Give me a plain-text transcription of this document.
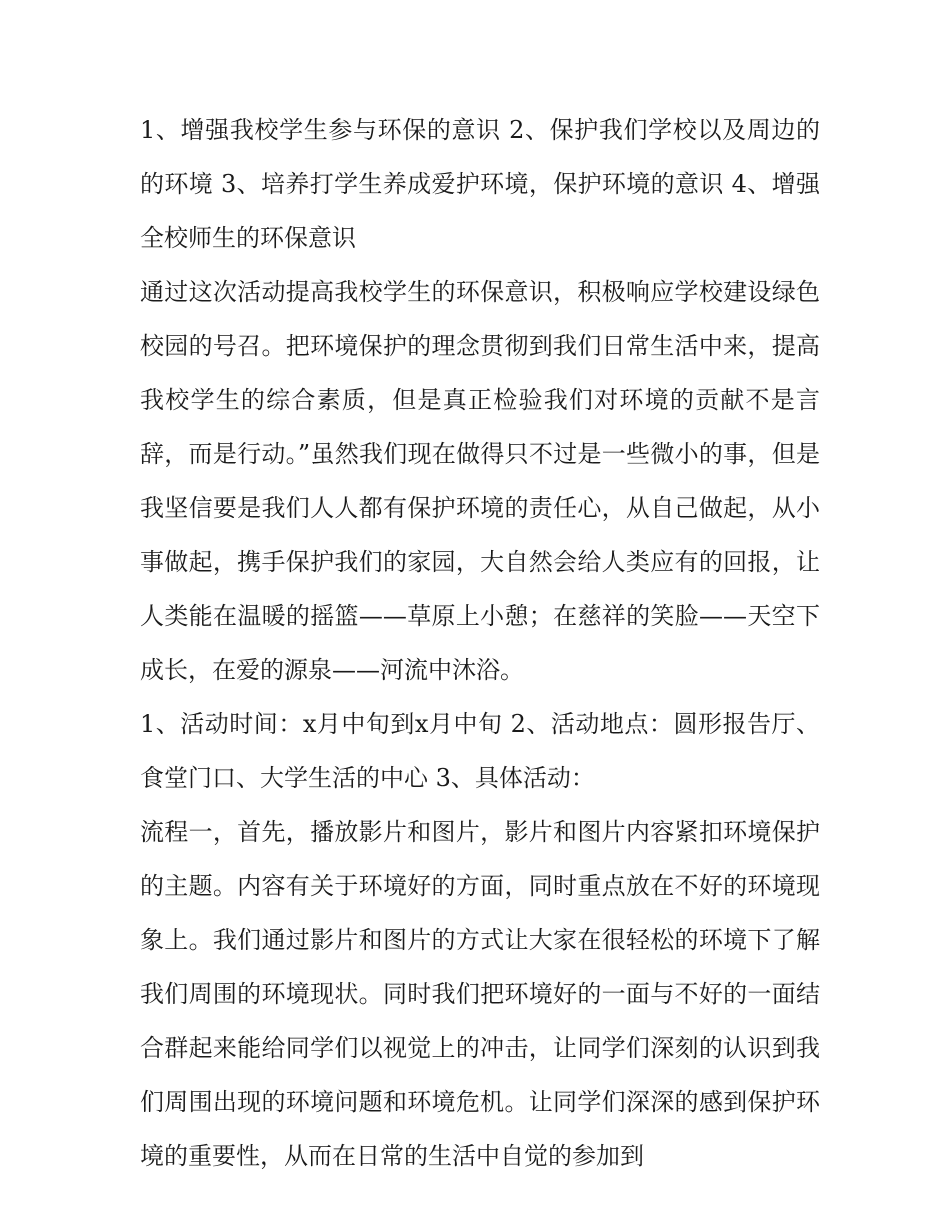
1、增强我校学生参与环保的意识 2、保护我们学校以及周边的的环境 3、培养打学生养成爱护环境，保护环境的意识 4、增强全校师生的环保意识

通过这次活动提高我校学生的环保意识，积极响应学校建设绿色校园的号召。把环境保护的理念贯彻到我们日常生活中来，提高我校学生的综合素质，但是真正检验我们对环境的贡献不是言辞，而是行动。”虽然我们现在做得只不过是一些微小的事，但是我坚信要是我们人人都有保护环境的责任心，从自己做起，从小事做起，携手保护我们的家园，大自然会给人类应有的回报，让人类能在温暖的摇篮——草原上小憩；在慈祥的笑脸——天空下成长，在爱的源泉——河流中沐浴。

1、活动时间：x月中旬到x月中旬 2、活动地点：圆形报告厅、食堂门口、大学生活的中心 3、具体活动：

流程一，首先，播放影片和图片，影片和图片内容紧扣环境保护的主题。内容有关于环境好的方面，同时重点放在不好的环境现象上。我们通过影片和图片的方式让大家在很轻松的环境下了解我们周围的环境现状。同时我们把环境好的一面与不好的一面结合群起来能给同学们以视觉上的冲击，让同学们深刻的认识到我们周围出现的环境问题和环境危机。让同学们深深的感到保护环境的重要性，从而在日常的生活中自觉的参加到
